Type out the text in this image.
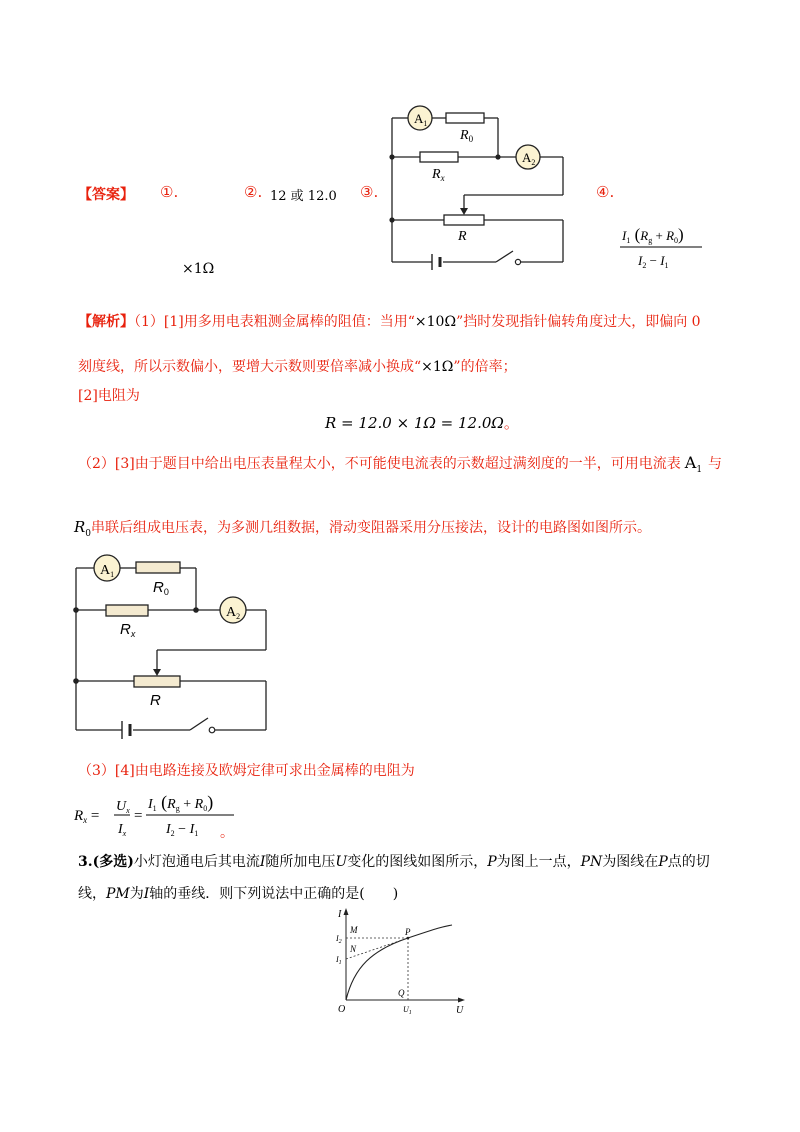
【答案】 ①.
×1Ω
②. 12 或 12.0 ③.	④.
$A_1$
$A_2$
$R_0$
$R_x$
R	$I_1$ $(R_g + R_0)$
$I_2 - I_1$
【解析】（1）[1]用多用电表粗测金属棒的阻值：当用“×10Ω”挡时发现指针偏转角度过大，即偏向 0
刻度线，所以示数偏小，要增大示数则要倍率减小换成“×1Ω”的倍率；
[2]电阻为
R = 12.0 × 1Ω = 12.0Ω。
（2）[3]由于题目中给出电压表量程太小，不可能使电流表的示数超过满刻度的一半，可用电流表 $A_1$ 与
$R_0$串联后组成电压表，为多测几组数据，滑动变阻器采用分压接法，设计的电路图如图所示。
$A_1$
$A_2$
$R_0$
$R_x$
R
（3）[4]由电路连接及欧姆定律可求出金属棒的电阻为
$R_x$ =
$U_x$
$I_x$
=
$I_1$ $(R_g + R_0)$
$I_2 - I_1$ 。
3.(多选)小灯泡通电后其电流I随所加电压U变化的图线如图所示，P为图上一点，PN为图线在P点的切
线，PM为I轴的垂线．则下列说法中正确的是(　　)
I
U
O
M
N
P
Q
$I_2$
$I_1$
$U_1$
